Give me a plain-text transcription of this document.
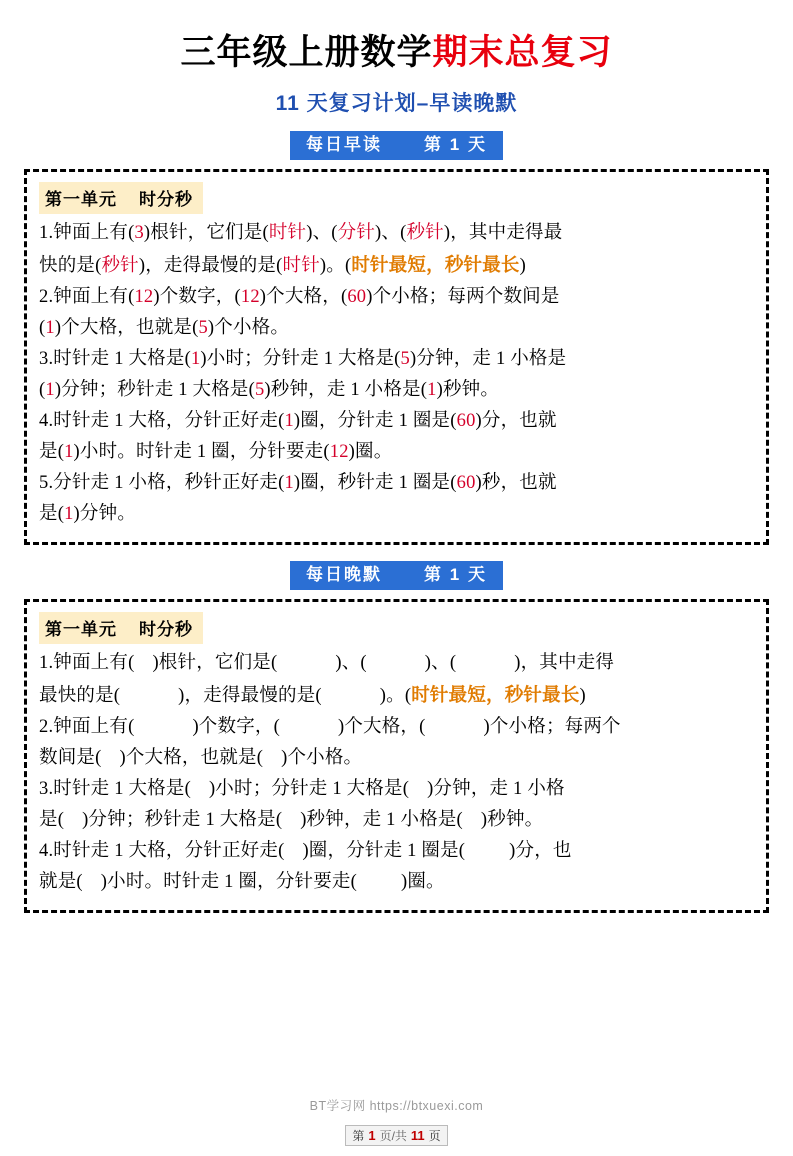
三年级上册数学期末总复习
11 天复习计划–早读晚默
每日早读 第 1 天
第一单元 时分秒
1.钟面上有(3)根针，它们是(时针)、(分针)、(秒针)，其中走得最
快的是(秒针)，走得最慢的是(时针)。(时针最短，秒针最长)
2.钟面上有(12)个数字，(12)个大格，(60)个小格；每两个数间是
(1)个大格，也就是(5)个小格。
3.时针走 1 大格是(1)小时；分针走 1 大格是(5)分钟，走 1 小格是
(1)分钟；秒针走 1 大格是(5)秒钟，走 1 小格是(1)秒钟。
4.时针走 1 大格，分针正好走(1)圈，分针走 1 圈是(60)分，也就
是(1)小时。时针走 1 圈，分针要走(12)圈。
5.分针走 1 小格，秒针正好走(1)圈，秒针走 1 圈是(60)秒，也就
是(1)分钟。
每日晚默 第 1 天
第一单元 时分秒
1.钟面上有( )根针，它们是(	)、(	)、(	)，其中走得
最快的是(	)，走得最慢的是(	)。(时针最短，秒针最长)
2.钟面上有(	)个数字，(	)个大格，(	)个小格；每两个
数间是( )个大格，也就是( )个小格。
3.时针走 1 大格是( )小时；分针走 1 大格是( )分钟，走 1 小格
是( )分钟；秒针走 1 大格是( )秒钟，走 1 小格是( )秒钟。
4.时针走 1 大格，分针正好走( )圈，分针走 1 圈是( )分，也
就是( )小时。时针走 1 圈，分针要走( )圈。
BT学习网 https://btxuexi.com
第 1 页/共 11 页
